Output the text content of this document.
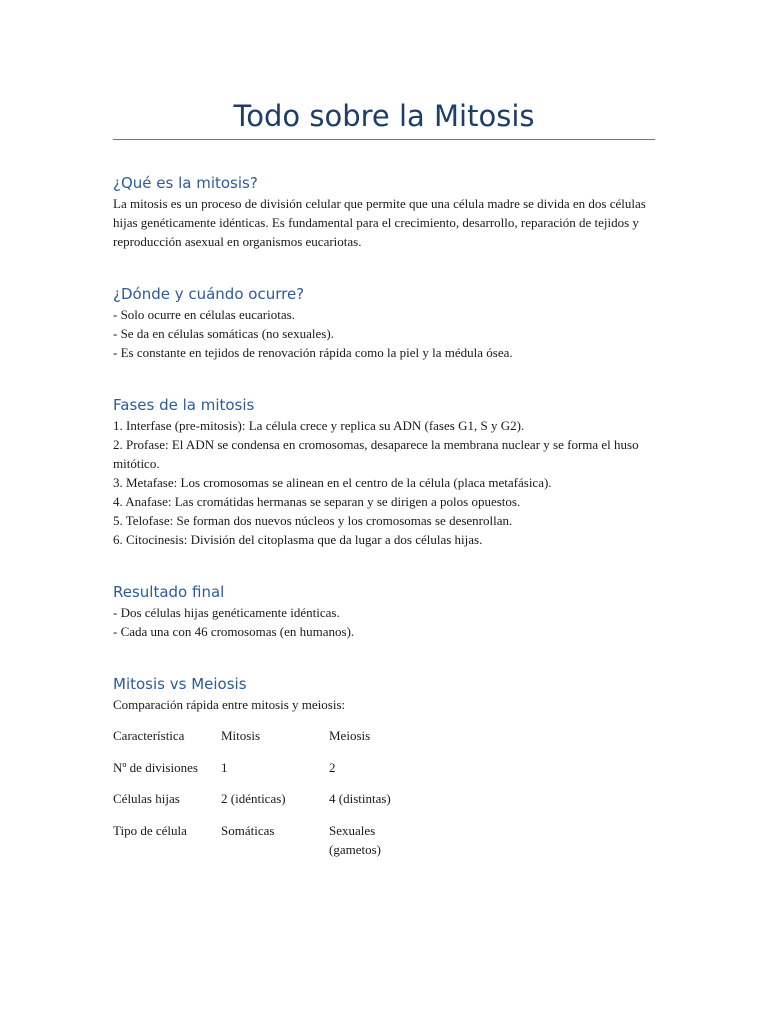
Todo sobre la Mitosis
¿Qué es la mitosis?

La mitosis es un proceso de división celular que permite que una célula madre se divida en dos células hijas genéticamente idénticas. Es fundamental para el crecimiento, desarrollo, reparación de tejidos y reproducción asexual en organismos eucariotas.

¿Dónde y cuándo ocurre?
- Solo ocurre en células eucariotas.
- Se da en células somáticas (no sexuales).
- Es constante en tejidos de renovación rápida como la piel y la médula ósea.
Fases de la mitosis
1. Interfase (pre-mitosis): La célula crece y replica su ADN (fases G1, S y G2).
2. Profase: El ADN se condensa en cromosomas, desaparece la membrana nuclear y se forma el huso mitótico.
3. Metafase: Los cromosomas se alinean en el centro de la célula (placa metafásica).
4. Anafase: Las cromátidas hermanas se separan y se dirigen a polos opuestos.
5. Telofase: Se forman dos nuevos núcleos y los cromosomas se desenrollan.
6. Citocinesis: División del citoplasma que da lugar a dos células hijas.
Resultado final
- Dos células hijas genéticamente idénticas.
- Cada una con 46 cromosomas (en humanos).
Mitosis vs Meiosis

Comparación rápida entre mitosis y meiosis:

Característica	Mitosis	Meiosis
Nº de divisiones	1	2
Células hijas	2 (idénticas)	4 (distintas)
Tipo de célula	Somáticas	Sexuales (gametos)
